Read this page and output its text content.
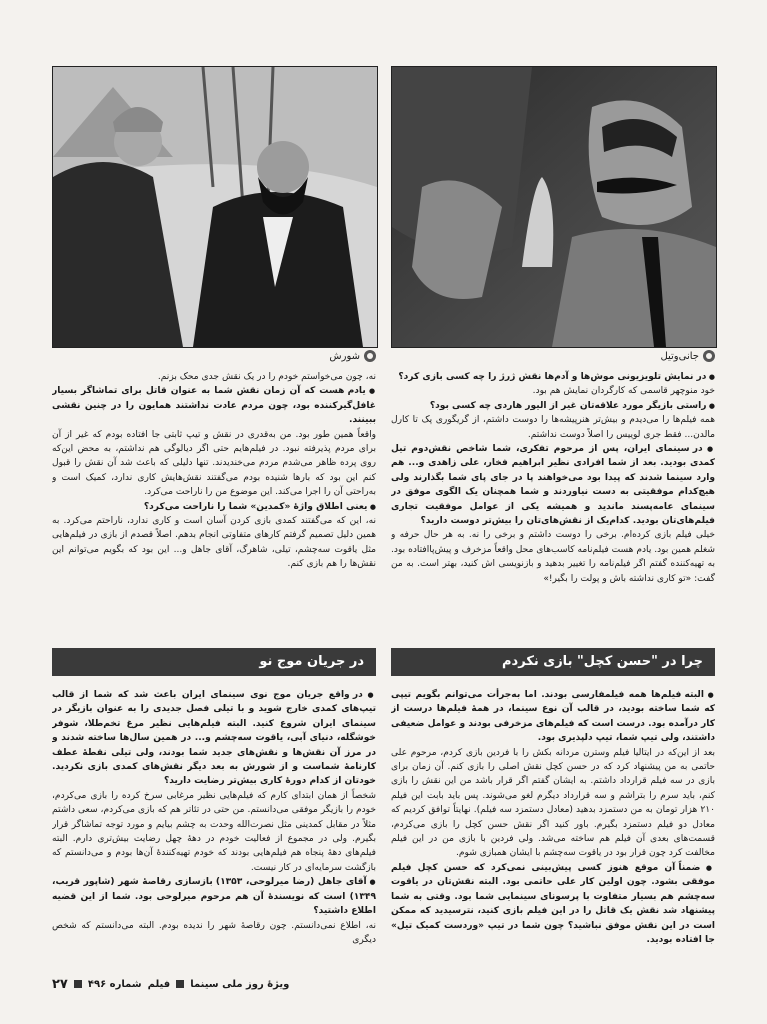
جانی‌وتیل
شورش

● در نمایش تلویزیونی موش‌ها و آدم‌ها نقش ژرژ را چه کسی بازی کرد؟

خود منوچهر قاسمی که کارگردان نمایش هم بود.

● راستی بازیگر مورد علاقه‌تان غیر از الیور هاردی چه کسی بود؟

همه فیلم‌ها را می‌دیدم و بیش‌تر هنرپیشه‌ها را دوست داشتم، از گریگوری پک تا کارل مالدن... فقط جری لوییس را اصلاً دوست نداشتم.

● در سینمای ایران، پس از مرحوم تفکری، شما شاخص نقش‌دوم تیل کمدی بودید. بعد از شما افرادی نظیر ابراهیم فخار، علی زاهدی و... هم وارد سینما شدند که پیدا بود می‌خواهند پا در جای پای شما بگذارند ولی هیچ‌کدام موفقیتی به دست نیاوردند و شما همچنان یک الگوی موفق در سینمای عامه‌پسند ماندید و همیشه یکی از عوامل موفقیت تجاری فیلم‌های‌تان بودید. کدام‌یک از نقش‌های‌تان را بیش‌تر دوست دارید؟

خیلی فیلم بازی کرده‌ام. برخی را دوست داشتم و برخی را نه. به هر حال حرفه و شغلم همین بود. یادم هست فیلم‌نامه کاسب‌های محل واقعاً مزخرف و پیش‌پاافتاده بود. به تهیه‌کننده گفتم اگر فیلم‌نامه را تغییر بدهید و بازنویسی اش کنید، بهتر است. به من گفت: «تو کاری نداشته باش و پولت را بگیر!»

نه، چون می‌خواستم خودم را در یک نقش جدی محک بزنم.

● یادم هست که آن زمان نقش شما به عنوان قاتل برای تماشاگر بسیار غافل‌گیرکننده بود، چون مردم عادت نداشتند همایون را در چنین نقشی ببینند.

واقعاً همین طور بود. من به‌قدری در نقش و تیپ ثابتی جا افتاده بودم که غیر از آن برای مردم پذیرفته نبود. در فیلم‌هایم حتی اگر دیالوگی هم نداشتم، به محض این‌که روی پرده ظاهر می‌شدم مردم می‌خندیدند. تنها دلیلی که باعث شد آن نقش را قبول کنم این بود که بارها شنیده بودم می‌گفتند نقش‌هایش کاری ندارد، کمیک است و به‌راحتی آن را اجرا می‌کند. این موضوع من را ناراحت می‌کرد.

● یعنی اطلاق واژهٔ «کمدین» شما را ناراحت می‌کرد؟

نه، این که می‌گفتند کمدی بازی کردن آسان است و کاری ندارد، ناراحتم می‌کرد. به همین دلیل تصمیم گرفتم کارهای متفاوتی انجام بدهم. اصلاً قصدم از بازی در فیلم‌هایی مثل یاقوت سه‌چشم، تیلی، شاهرگ، آقای جاهل و... این بود که بگویم می‌توانم این نقش‌ها را هم بازی کنم.

چرا در "حسن کچل" بازی نکردم
در جریان موج نو

● البته فیلم‌ها همه فیلمفارسی بودند. اما به‌جرأت می‌توانم بگویم تیپی که شما ساخته بودید، در قالب آن نوع سینما، در همهٔ فیلم‌ها درست از کار درآمده بود. درست است که فیلم‌های مزخرفی بودند و عوامل ضعیفی داشتند، ولی تیپ شما، تیپ دلپذیری بود.

بعد از این‌که در ایتالیا فیلم وسترن مردانه بکش را با فردین بازی کردم، مرحوم علی حاتمی به من پیشنهاد کرد که در حسن کچل نقش اصلی را بازی کنم. آن زمان برای بازی در سه فیلم قرارداد داشتم. به ایشان گفتم اگر قرار باشد من این نقش را بازی کنم، باید سرم را بتراشم و سه قرارداد دیگرم لغو می‌شوند. پس باید بابت این فیلم ۲۱۰ هزار تومان به من دستمزد بدهید (معادل دستمزد سه فیلم). نهایتاً توافق کردیم که معادل دو فیلم دستمزد بگیرم. باور کنید اگر نقش حسن کچل را بازی می‌کردم، قسمت‌های بعدی آن فیلم هم ساخته می‌شد. ولی فردین با بازی من در این فیلم مخالفت کرد چون قرار بود در یاقوت سه‌چشم با ایشان همبازی شوم.

● ضمناً آن موقع هنوز کسی پیش‌بینی نمی‌کرد که حسن کچل فیلم موفقی بشود. چون اولین کار علی حاتمی بود. البته نقش‌تان در یاقوت سه‌چشم هم بسیار متفاوت با پرسونای سینمایی شما بود. وقتی به شما پیشنهاد شد نقش یک قاتل را در این فیلم بازی کنید، نترسیدید که ممکن است در این نقش موفق نباشید؟ چون شما در تیپ «وردست کمیک تیل» جا افتاده بودید.

● در واقع جریان موج نوی سینمای ایران باعث شد که شما از قالب تیپ‌های کمدی خارج شوید و با تیلی فصل جدیدی را به عنوان بازیگر در سینمای ایران شروع کنید. البته فیلم‌هایی نظیر مرغ تخم‌طلا، شوفر خوشگله، دنیای آبی، یاقوت سه‌چشم و... در همین سال‌ها ساخته شدند و در مرز آن نقش‌ها و نقش‌های جدید شما بودند، ولی تیلی نقطهٔ عطف کارنامهٔ شماست و از شورش به بعد دیگر نقش‌های کمدی بازی نکردید. خودتان از کدام دورهٔ کاری بیش‌تر رضایت دارید؟

شخصاً از همان ابتدای کارم که فیلم‌هایی نظیر مرغابی سرخ کرده را بازی می‌کردم، خودم را بازیگر موفقی می‌دانستم. من حتی در تئاتر هم که بازی می‌کردم، سعی داشتم مثلاً در مقابل کمدینی مثل نصرت‌الله وحدت به چشم بیایم و مورد توجه تماشاگر قرار بگیرم. ولی در مجموع از فعالیت خودم در دههٔ چهل رضایت بیش‌تری دارم. البته فیلم‌های دههٔ پنجاه هم فیلم‌هایی بودند که خودم تهیه‌کنندهٔ آن‌ها بودم و می‌دانستم که بازگشت سرمایه‌ای در کار نیست.

● آقای جاهل (رضا میرلوحی، ۱۳۵۳) بازسازی رقاصهٔ شهر (شاپور قریب، ۱۳۴۹) است که نویسندهٔ آن هم مرحوم میرلوحی بود. شما از این قضیه اطلاع داشتید؟

نه، اطلاع نمی‌دانستم. چون رقاصهٔ شهر را ندیده بودم. البته می‌دانستم که شخص دیگری

ویژهٔ روز ملی سینما
فیلم
شماره ۴۹۶
۲۷
